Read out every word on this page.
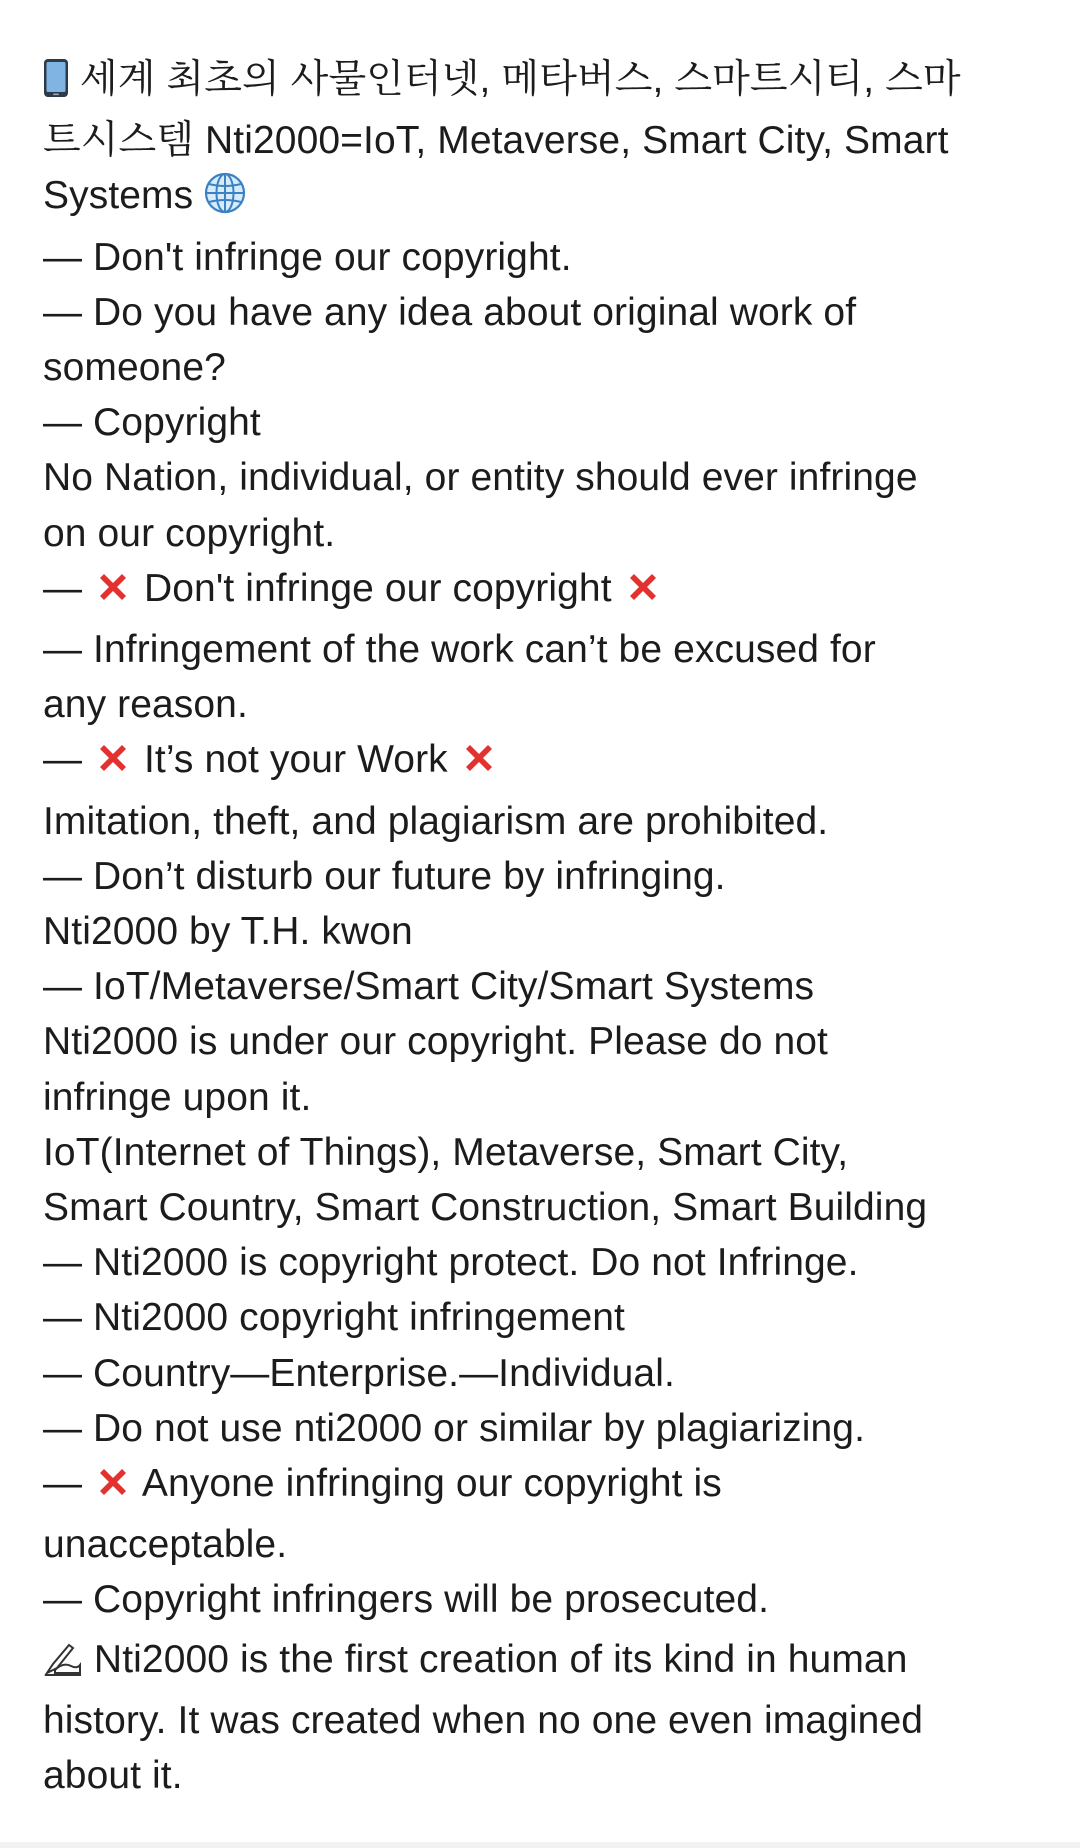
세계 최초의 사물인터넷, 메타버스, 스마트시티, 스마
트시스템 Nti2000=IoT, Metaverse, Smart City, Smart
Systems
— Don't infringe our copyright.
— Do you have any idea about original work of
someone?
— Copyright
No Nation, individual, or entity should ever infringe
on our copyright.
—  Don't infringe our copyright
— Infringement of the work can’t be excused for
any reason.
—  It’s not your Work
Imitation, theft, and plagiarism are prohibited.
— Don’t disturb our future by infringing.
Nti2000 by T.H. kwon
— IoT/Metaverse/Smart City/Smart Systems
Nti2000 is under our copyright. Please do not
infringe upon it.
IoT(Internet of Things), Metaverse, Smart City,
Smart Country, Smart Construction, Smart Building
— Nti2000 is copyright protect. Do not Infringe.
— Nti2000 copyright infringement
— Country—Enterprise.—Individual.
— Do not use nti2000 or similar by plagiarizing.
—  Anyone infringing our copyright is
unacceptable.
— Copyright infringers will be prosecuted.
Nti2000 is the first creation of its kind in human
history. It was created when no one even imagined
about it.
